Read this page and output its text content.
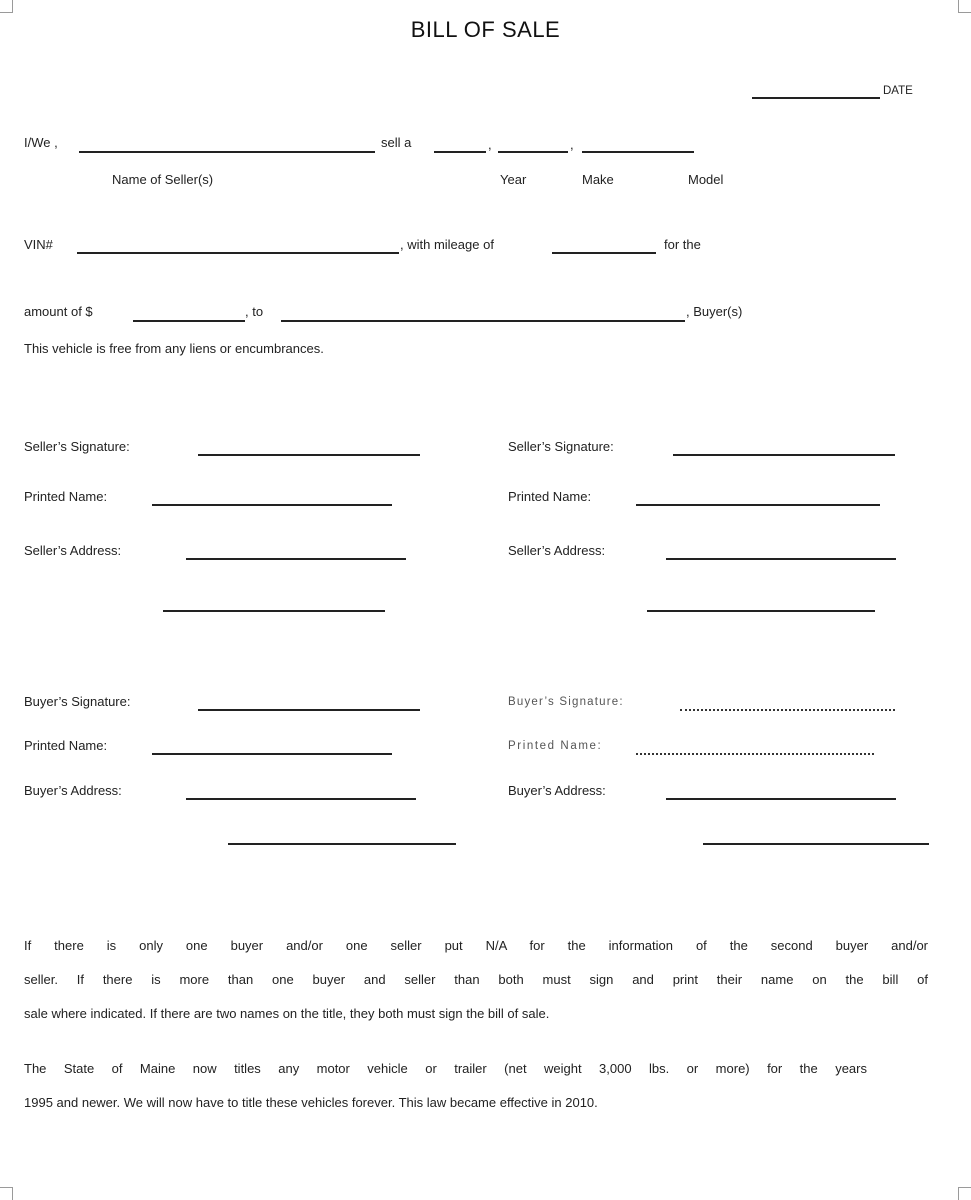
BILL OF SALE
DATE
I/We ,	sell a	,	,
Name of Seller(s)	Year	Make	Model
VIN#	, with mileage of	for the
amount of $	, to	, Buyer(s)
This vehicle is free from any liens or encumbrances.
Seller’s Signature:
Printed Name:
Seller’s Address:
Seller’s Signature:
Printed Name:
Seller’s Address:
Buyer’s Signature:
Printed Name:
Buyer’s Address:
Buyer’s Signature:
Printed Name:
Buyer’s Address:
If there is only one buyer and/or one seller put N/A for the information of the second buyer and/or
seller. If there is more than one buyer and seller than both must sign and print their name on the bill of
sale where indicated. If there are two names on the title, they both must sign the bill of sale.
The State of Maine now titles any motor vehicle or trailer (net weight 3,000 lbs. or more) for the years
1995 and newer. We will now have to title these vehicles forever. This law became effective in 2010.
